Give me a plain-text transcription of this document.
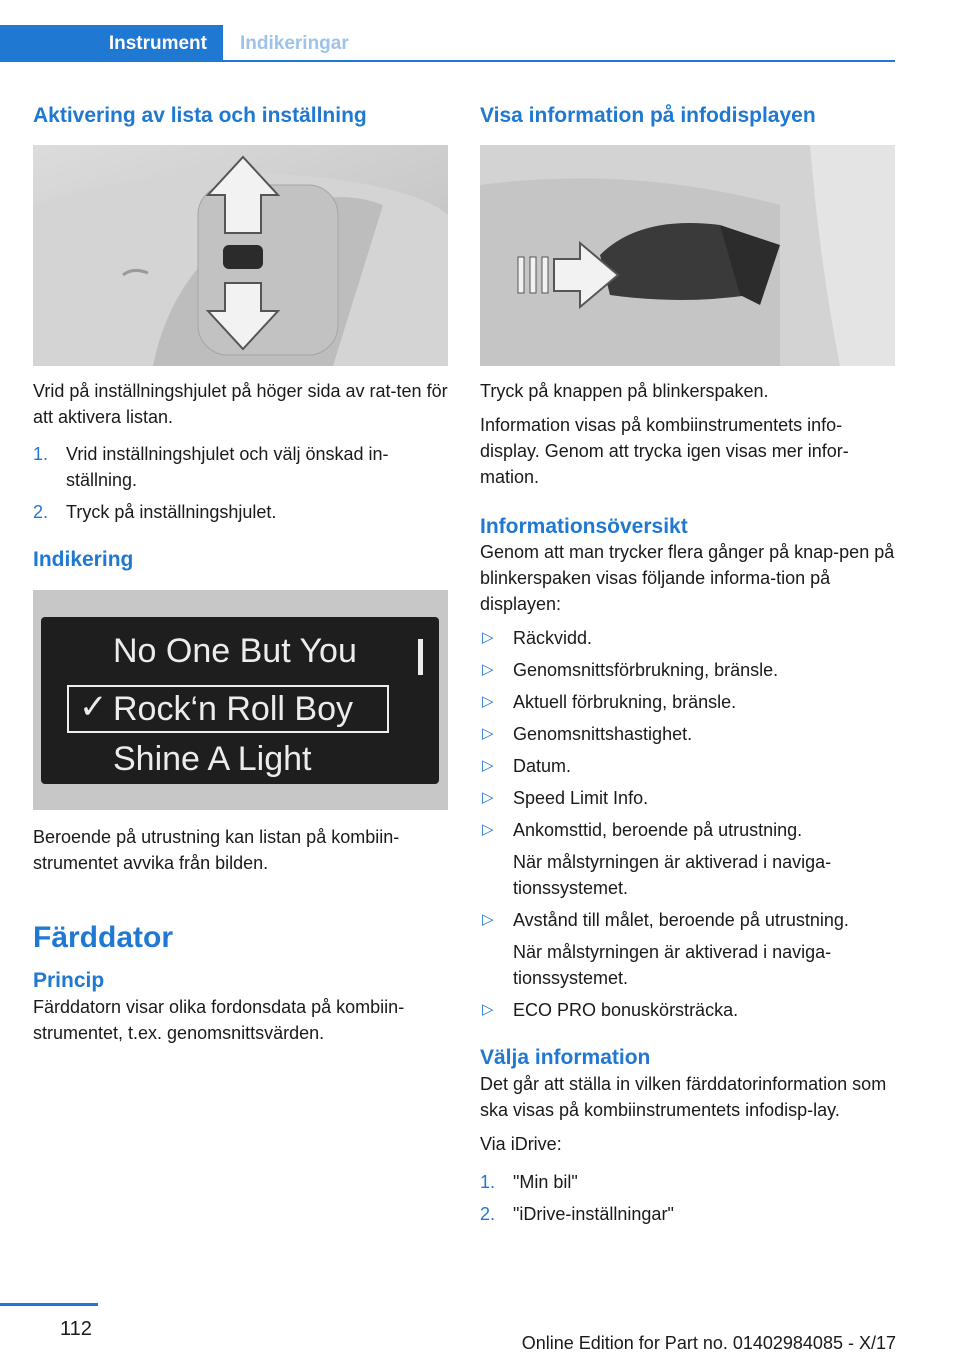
Instrument	Indikeringar
Aktivering av lista och inställning

Vrid på inställningshjulet på höger sida av rat-ten för att aktivera listan.

1. Vrid inställningshjulet och välj önskad in-ställning.
2. Tryck på inställningshjulet.
Indikering
No One But You
✓ Rock‘n Roll Boy
Shine A Light

Beroende på utrustning kan listan på kombiin-strumentet avvika från bilden.

Färddator
Princip

Färddatorn visar olika fordonsdata på kombiin-strumentet, t.ex. genomsnittsvärden.

Visa information på infodisplayen

Tryck på knappen på blinkerspaken.

Information visas på kombiinstrumentets info-display. Genom att trycka igen visas mer infor-mation.

Informationsöversikt

Genom att man trycker flera gånger på knap-pen på blinkerspaken visas följande informa-tion på displayen:

▷ Räckvidd.
▷ Genomsnittsförbrukning, bränsle.
▷ Aktuell förbrukning, bränsle.
▷ Genomsnittshastighet.
▷ Datum.
▷ Speed Limit Info.
▷ Ankomsttid, beroende på utrustning.
När målstyrningen är aktiverad i naviga-tionssystemet.
▷ Avstånd till målet, beroende på utrustning.
När målstyrningen är aktiverad i naviga-tionssystemet.
▷ ECO PRO bonuskörsträcka.
Välja information

Det går att ställa in vilken färddatorinformation som ska visas på kombiinstrumentets infodisp-lay.

Via iDrive:

1. "Min bil"
2. "iDrive-inställningar"
112
Online Edition for Part no. 01402984085 - X/17
